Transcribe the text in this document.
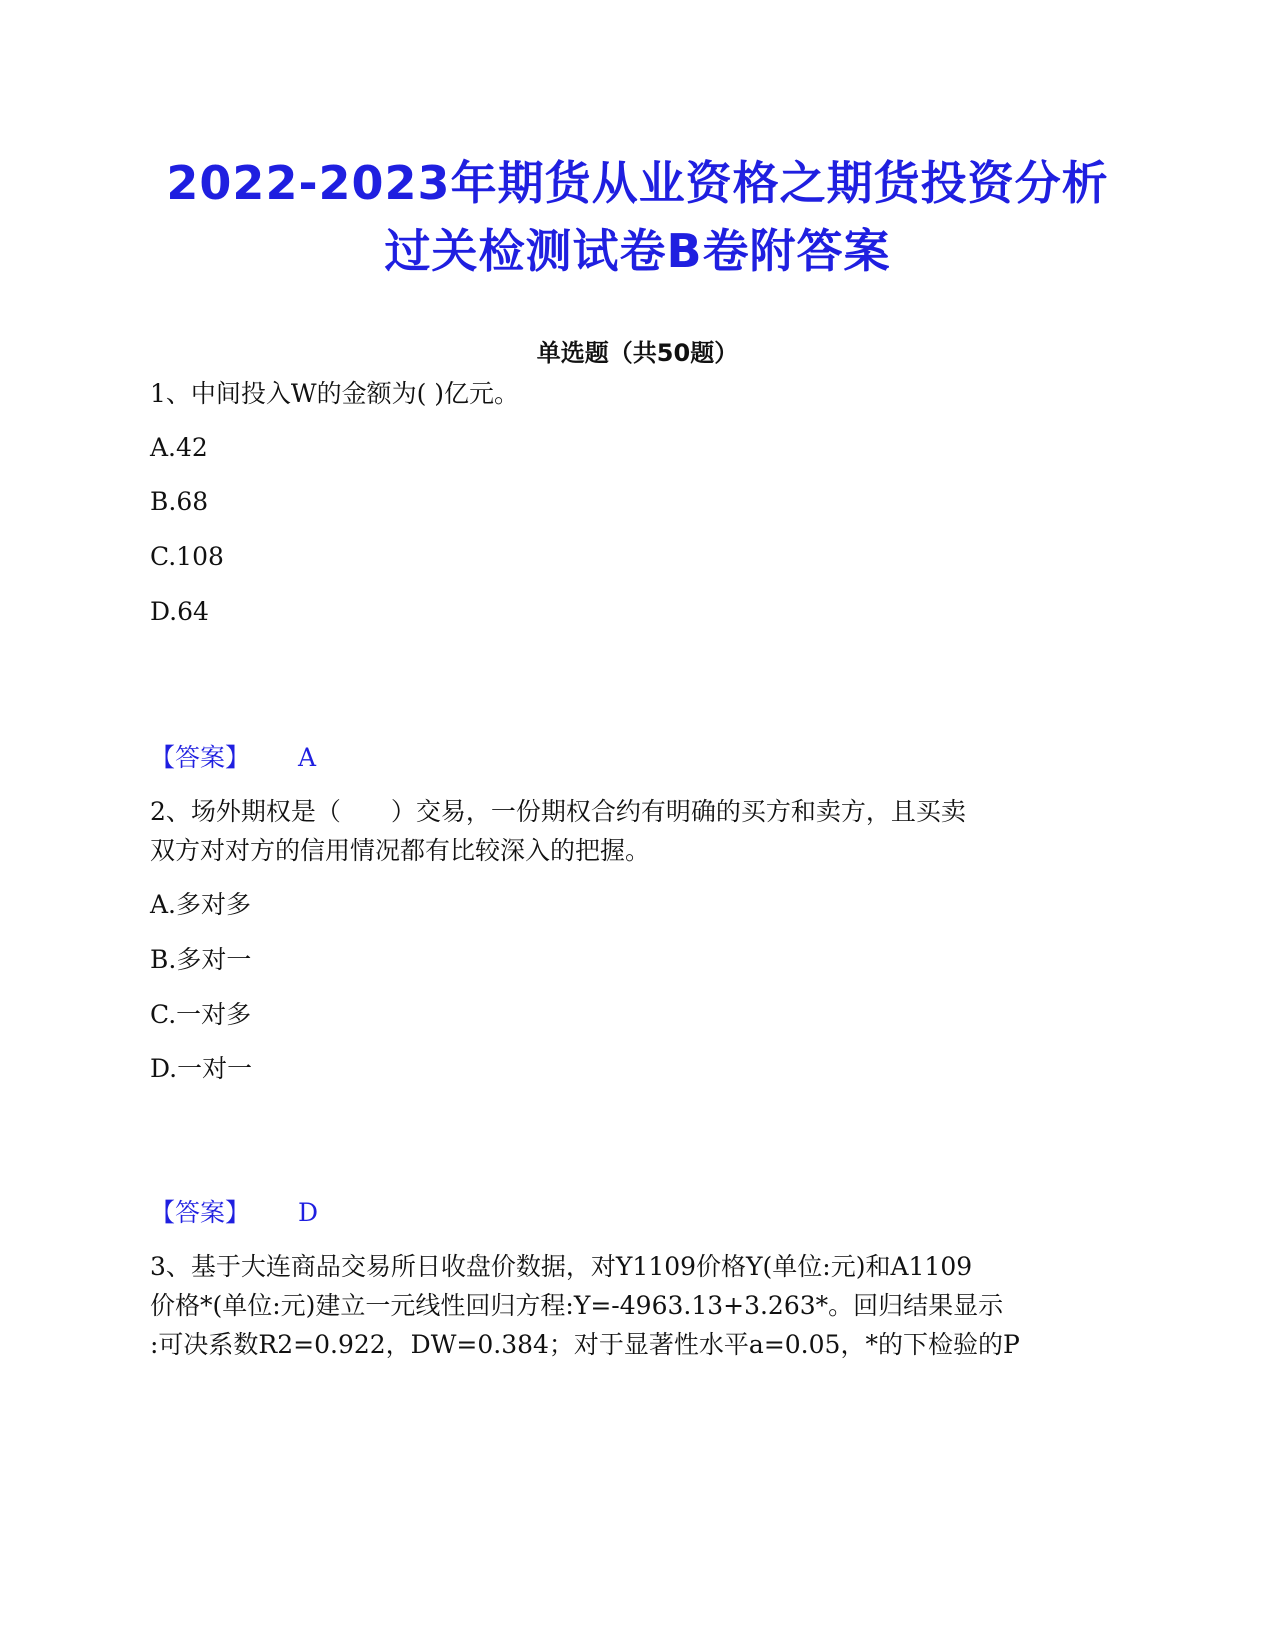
2022-2023年期货从业资格之期货投资分析
过关检测试卷B卷附答案
单选题（共50题）
1、中间投入W的金额为( )亿元。
A.42
B.68
C.108
D.64
【答案】 A
2、场外期权是（　　）交易，一份期权合约有明确的买方和卖方，且买卖
双方对对方的信用情况都有比较深入的把握。
A.多对多
B.多对一
C.一对多
D.一对一
【答案】 D
3、基于大连商品交易所日收盘价数据，对Y1109价格Y(单位:元)和A1109
价格*(单位:元)建立一元线性回归方程:Y=-4963.13+3.263*。回归结果显示
:可决系数R2=0.922，DW=0.384；对于显著性水平a=0.05，*的下检验的P
